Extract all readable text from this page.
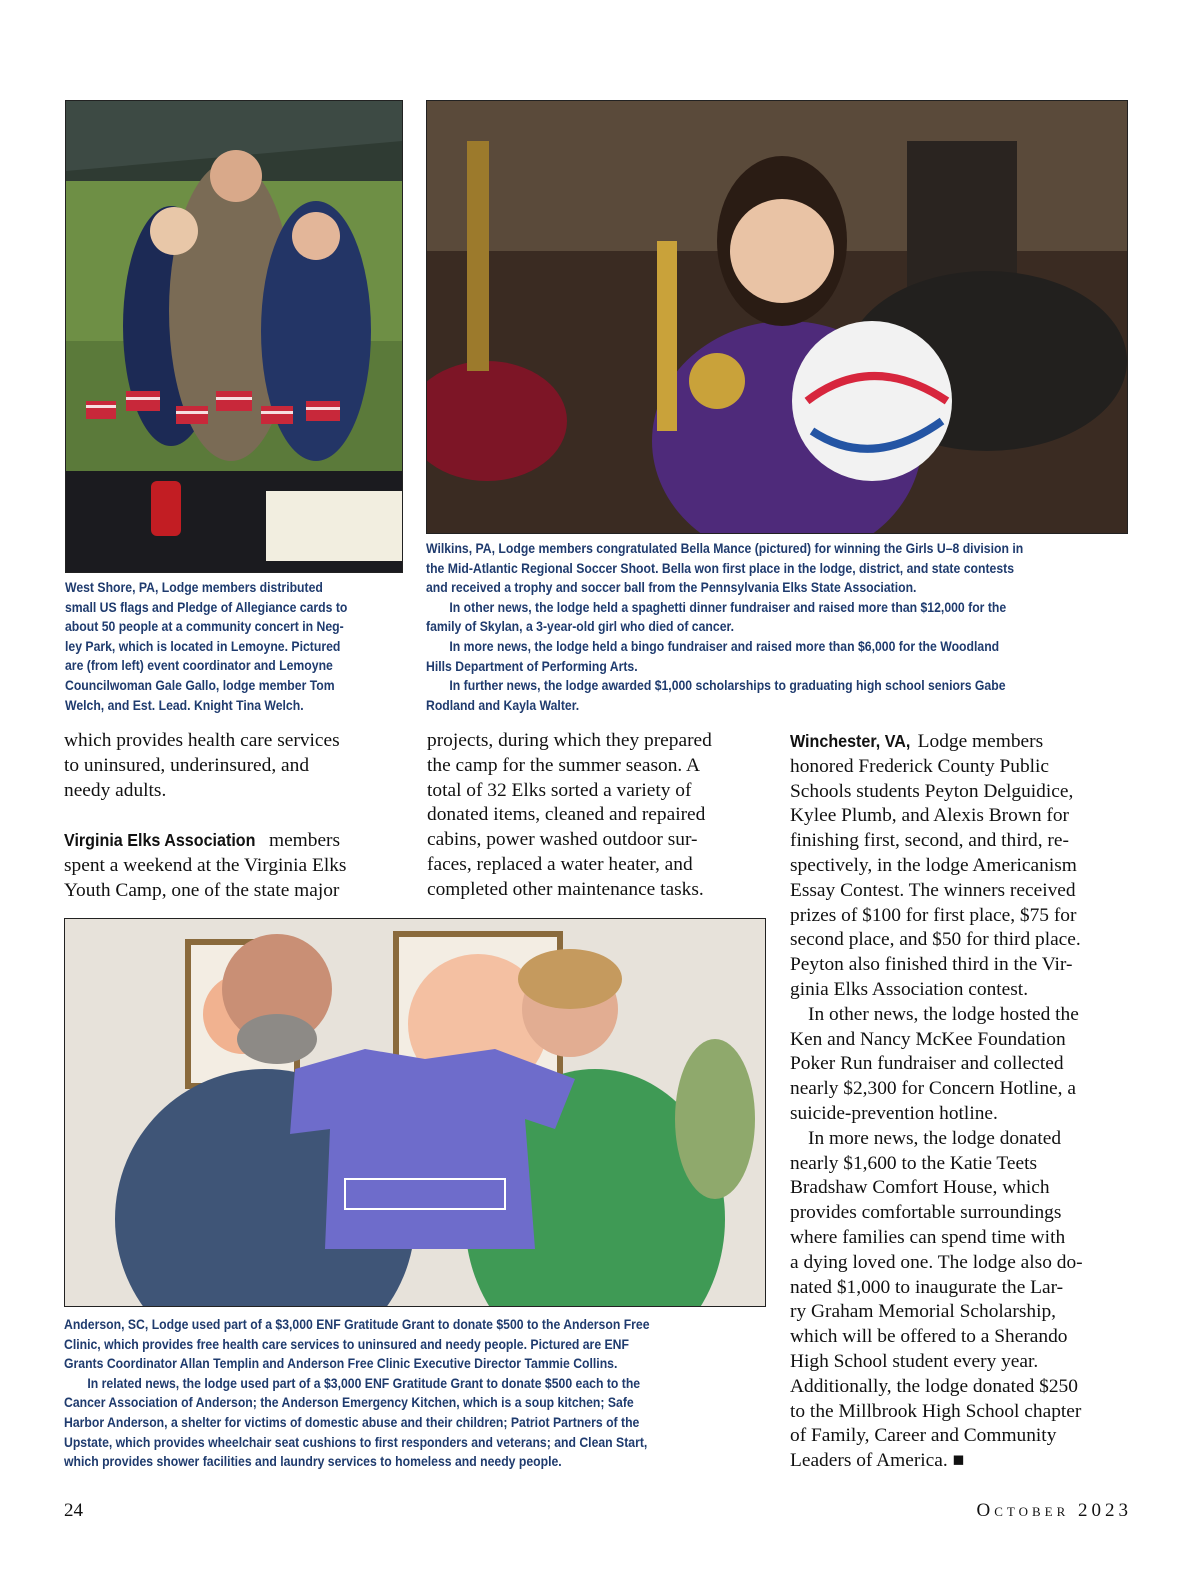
West Shore, PA, Lodge members distributed

small US flags and Pledge of Allegiance cards to

about 50 people at a community concert in Neg-

ley Park, which is located in Lemoyne. Pictured

are (from left) event coordinator and Lemoyne

Councilwoman Gale Gallo, lodge member Tom

Welch, and Est. Lead. Knight Tina Welch.

Wilkins, PA, Lodge members congratulated Bella Mance (pictured) for winning the Girls U–8 division in

the Mid-Atlantic Regional Soccer Shoot. Bella won first place in the lodge, district, and state contests

and received a trophy and soccer ball from the Pennsylvania Elks State Association.

In other news, the lodge held a spaghetti dinner fundraiser and raised more than $12,000 for the

family of Skylan, a 3-year-old girl who died of cancer.

In more news, the lodge held a bingo fundraiser and raised more than $6,000 for the Woodland

Hills Department of Performing Arts.

In further news, the lodge awarded $1,000 scholarships to graduating high school seniors Gabe

Rodland and Kayla Walter.

which provides health care services

to uninsured, underinsured, and

needy adults.

Virginia Elks Association members

spent a weekend at the Virginia Elks

Youth Camp, one of the state major

projects, during which they prepared

the camp for the summer season. A

total of 32 Elks sorted a variety of

donated items, cleaned and repaired

cabins, power washed outdoor sur-

faces, replaced a water heater, and

completed other maintenance tasks.

Winchester, VA, Lodge members

honored Frederick County Public

Schools students Peyton Delguidice,

Kylee Plumb, and Alexis Brown for

finishing first, second, and third, re-

spectively, in the lodge Americanism

Essay Contest. The winners received

prizes of $100 for first place, $75 for

second place, and $50 for third place.

Peyton also finished third in the Vir-

ginia Elks Association contest.

In other news, the lodge hosted the

Ken and Nancy McKee Foundation

Poker Run fundraiser and collected

nearly $2,300 for Concern Hotline, a

suicide-prevention hotline.

In more news, the lodge donated

nearly $1,600 to the Katie Teets

Bradshaw Comfort House, which

provides comfortable surroundings

where families can spend time with

a dying loved one. The lodge also do-

nated $1,000 to inaugurate the Lar-

ry Graham Memorial Scholarship,

which will be offered to a Sherando

High School student every year.

Additionally, the lodge donated $250

to the Millbrook High School chapter

of Family, Career and Community

Leaders of America. ■

Anderson, SC, Lodge used part of a $3,000 ENF Gratitude Grant to donate $500 to the Anderson Free

Clinic, which provides free health care services to uninsured and needy people. Pictured are ENF

Grants Coordinator Allan Templin and Anderson Free Clinic Executive Director Tammie Collins.

In related news, the lodge used part of a $3,000 ENF Gratitude Grant to donate $500 each to the

Cancer Association of Anderson; the Anderson Emergency Kitchen, which is a soup kitchen; Safe

Harbor Anderson, a shelter for victims of domestic abuse and their children; Patriot Partners of the

Upstate, which provides wheelchair seat cushions to first responders and veterans; and Clean Start,

which provides shower facilities and laundry services to homeless and needy people.

24	October 2023
